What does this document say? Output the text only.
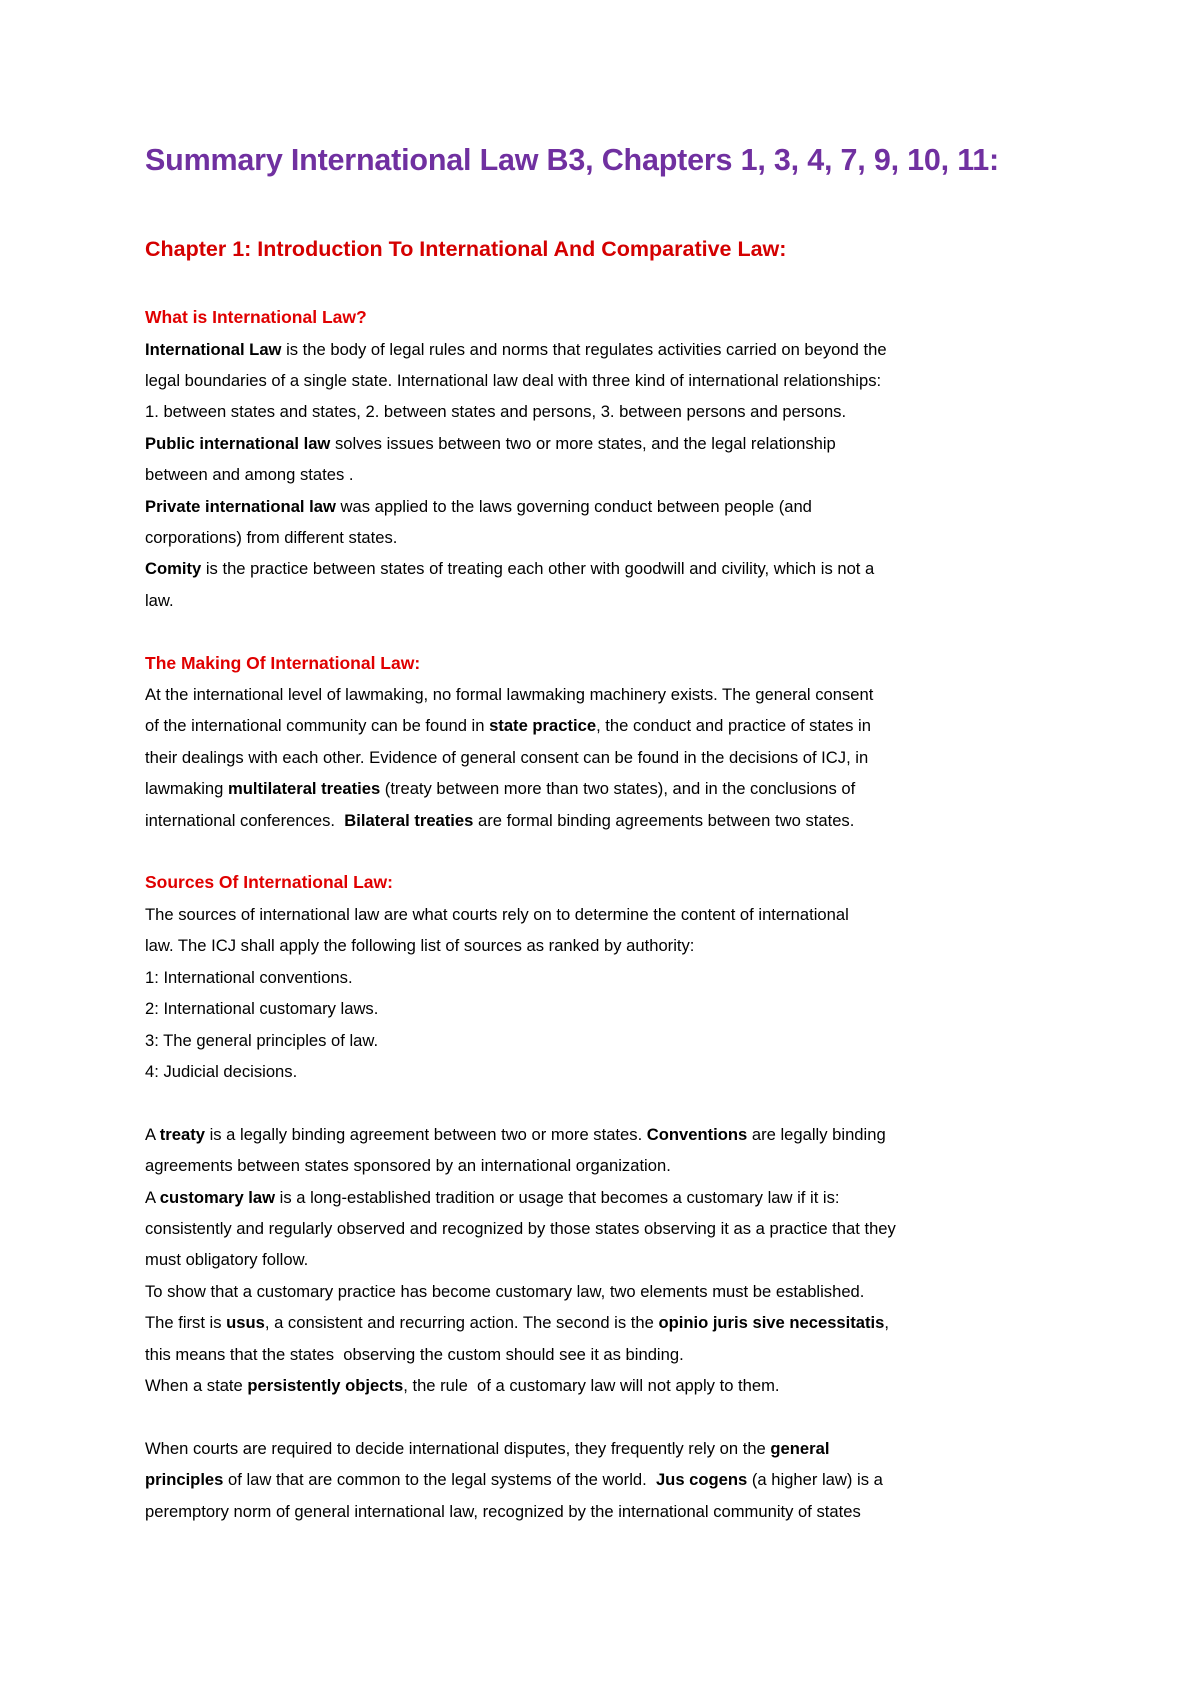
Summary International Law B3, Chapters 1, 3, 4, 7, 9, 10, 11:
Chapter 1: Introduction To International And Comparative Law:
What is International Law?

International Law is the body of legal rules and norms that regulates activities carried on beyond the

legal boundaries of a single state. International law deal with three kind of international relationships:

1. between states and states, 2. between states and persons, 3. between persons and persons.

Public international law solves issues between two or more states, and the legal relationship

between and among states .

Private international law was applied to the laws governing conduct between people (and

corporations) from different states.

Comity is the practice between states of treating each other with goodwill and civility, which is not a

law.

The Making Of International Law:

At the international level of lawmaking, no formal lawmaking machinery exists. The general consent

of the international community can be found in state practice, the conduct and practice of states in

their dealings with each other. Evidence of general consent can be found in the decisions of ICJ, in

lawmaking multilateral treaties (treaty between more than two states), and in the conclusions of

international conferences.  Bilateral treaties are formal binding agreements between two states.

Sources Of International Law:

The sources of international law are what courts rely on to determine the content of international

law. The ICJ shall apply the following list of sources as ranked by authority:

1: International conventions.

2: International customary laws.

3: The general principles of law.

4: Judicial decisions.

A treaty is a legally binding agreement between two or more states. Conventions are legally binding

agreements between states sponsored by an international organization.

A customary law is a long-established tradition or usage that becomes a customary law if it is:

consistently and regularly observed and recognized by those states observing it as a practice that they

must obligatory follow.

To show that a customary practice has become customary law, two elements must be established.

The first is usus, a consistent and recurring action. The second is the opinio juris sive necessitatis,

this means that the states  observing the custom should see it as binding.

When a state persistently objects, the rule  of a customary law will not apply to them.

When courts are required to decide international disputes, they frequently rely on the general

principles of law that are common to the legal systems of the world.  Jus cogens (a higher law) is a

peremptory norm of general international law, recognized by the international community of states
